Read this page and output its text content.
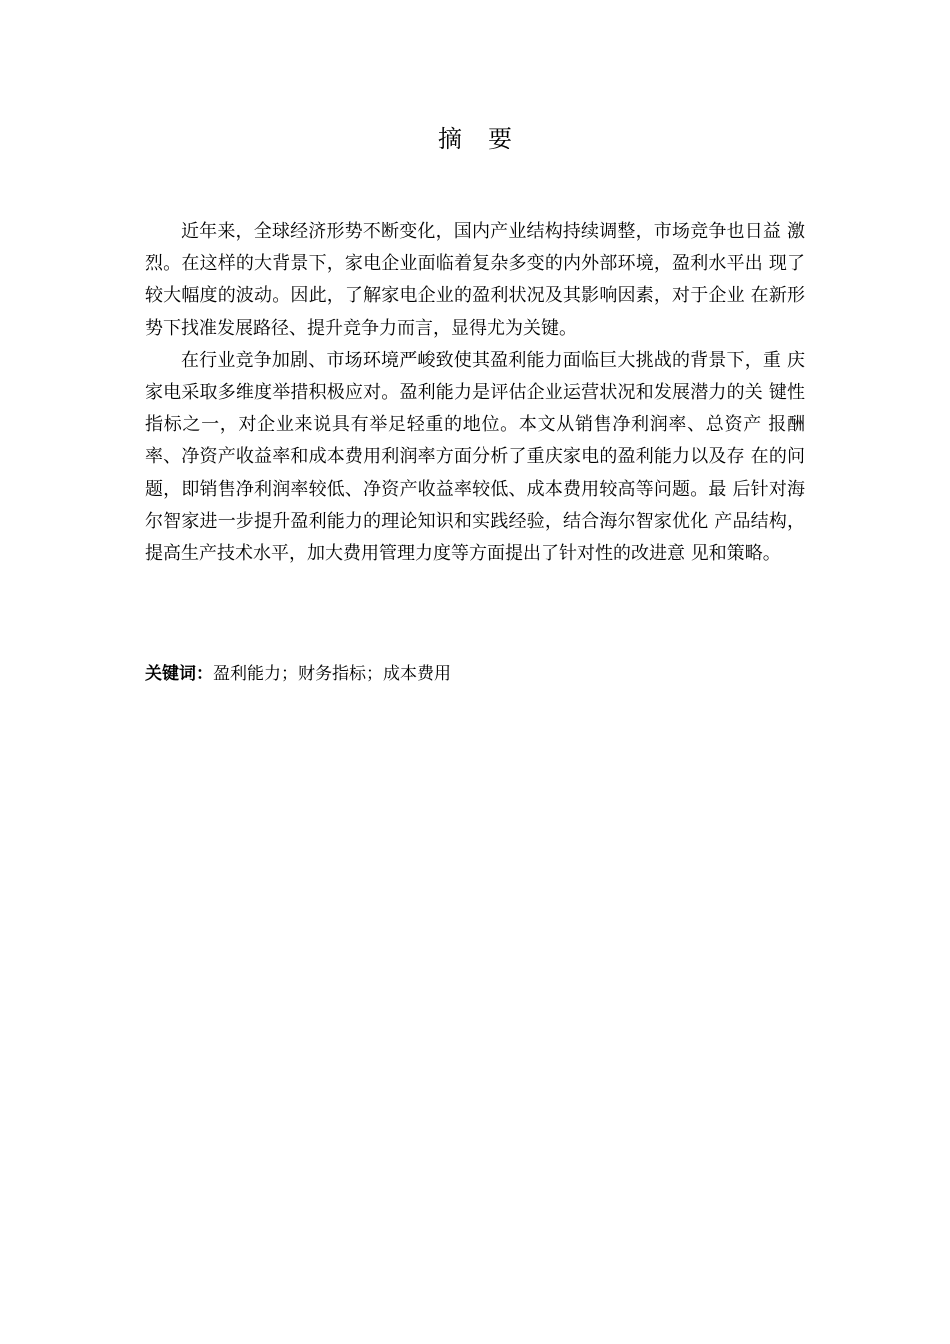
摘 要

近年来，全球经济形势不断变化，国内产业结构持续调整，市场竞争也日益 激烈。在这样的大背景下，家电企业面临着复杂多变的内外部环境，盈利水平出 现了较大幅度的波动。因此，了解家电企业的盈利状况及其影响因素，对于企业 在新形势下找准发展路径、提升竞争力而言，显得尤为关键。

在行业竞争加剧、市场环境严峻致使其盈利能力面临巨大挑战的背景下，重 庆家电采取多维度举措积极应对。盈利能力是评估企业运营状况和发展潜力的关 键性指标之一，对企业来说具有举足轻重的地位。本文从销售净利润率、总资产 报酬率、净资产收益率和成本费用利润率方面分析了重庆家电的盈利能力以及存 在的问题，即销售净利润率较低、净资产收益率较低、成本费用较高等问题。最 后针对海尔智家进一步提升盈利能力的理论知识和实践经验，结合海尔智家优化 产品结构，提高生产技术水平，加大费用管理力度等方面提出了针对性的改进意 见和策略。

关键词：盈利能力；财务指标；成本费用
